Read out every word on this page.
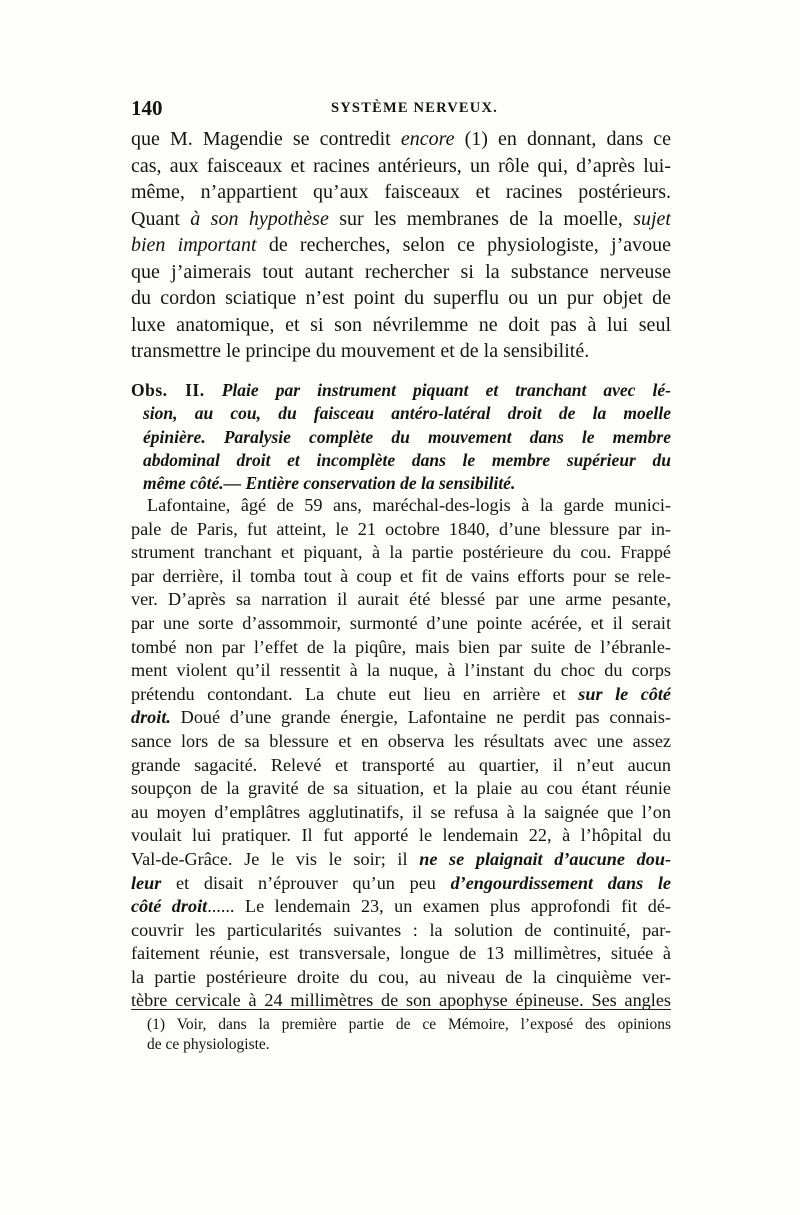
140	SYSTÈME NERVEUX.
que M. Magendie se contredit encore (1) en donnant, dans ce
cas, aux faisceaux et racines antérieurs, un rôle qui, d’après lui-
même, n’appartient qu’aux faisceaux et racines postérieurs.
Quant à son hypothèse sur les membranes de la moelle, sujet
bien important de recherches, selon ce physiologiste, j’avoue
que j’aimerais tout autant rechercher si la substance nerveuse
du cordon sciatique n’est point du superflu ou un pur objet de
luxe anatomique, et si son névrilemme ne doit pas à lui seul
transmettre le principe du mouvement et de la sensibilité.
Obs. II. Plaie par instrument piquant et tranchant avec lé-
sion, au cou, du faisceau antéro-latéral droit de la moelle
épinière. Paralysie complète du mouvement dans le membre
abdominal droit et incomplète dans le membre supérieur du
même côté.— Entière conservation de la sensibilité.
Lafontaine, âgé de 59 ans, maréchal-des-logis à la garde munici-
pale de Paris, fut atteint, le 21 octobre 1840, d’une blessure par in-
strument tranchant et piquant, à la partie postérieure du cou. Frappé
par derrière, il tomba tout à coup et fit de vains efforts pour se rele-
ver. D’après sa narration il aurait été blessé par une arme pesante,
par une sorte d’assommoir, surmonté d’une pointe acérée, et il serait
tombé non par l’effet de la piqûre, mais bien par suite de l’ébranle-
ment violent qu’il ressentit à la nuque, à l’instant du choc du corps
prétendu contondant. La chute eut lieu en arrière et sur le côté
droit. Doué d’une grande énergie, Lafontaine ne perdit pas connais-
sance lors de sa blessure et en observa les résultats avec une assez
grande sagacité. Relevé et transporté au quartier, il n’eut aucun
soupçon de la gravité de sa situation, et la plaie au cou étant réunie
au moyen d’emplâtres agglutinatifs, il se refusa à la saignée que l’on
voulait lui pratiquer. Il fut apporté le lendemain 22, à l’hôpital du
Val-de-Grâce. Je le vis le soir; il ne se plaignait d’aucune dou-
leur et disait n’éprouver qu’un peu d’engourdissement dans le
côté droit...... Le lendemain 23, un examen plus approfondi fit dé-
couvrir les particularités suivantes : la solution de continuité, par-
faitement réunie, est transversale, longue de 13 millimètres, située à
la partie postérieure droite du cou, au niveau de la cinquième ver-
tèbre cervicale à 24 millimètres de son apophyse épineuse. Ses angles
(1) Voir, dans la première partie de ce Mémoire, l’exposé des opinions
de ce physiologiste.
